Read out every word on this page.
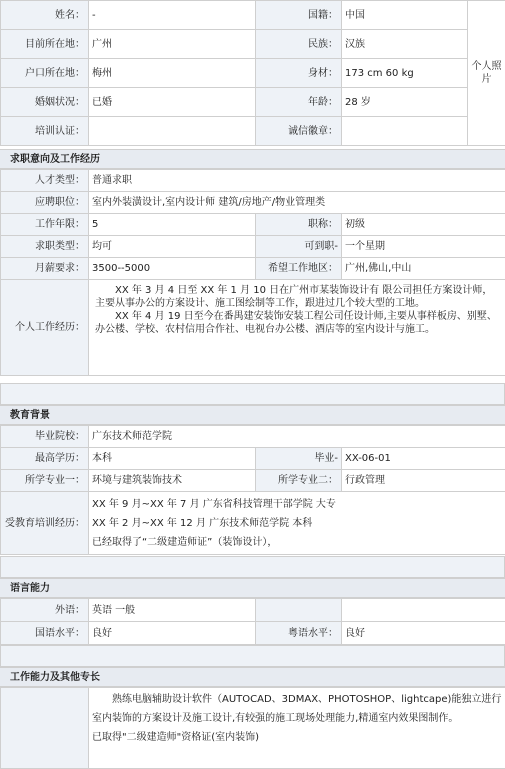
姓名：	-	国籍：	中国	个人照片
目前所在地：	广州	民族：	汉族	
户口所在地：	梅州	身材：	173 cm 60 kg	
婚姻状况：	已婚	年龄：	28 岁	
培训认证：		诚信徽章：		
求职意向及工作经历
人才类型：	普通求职		
应聘职位：	室内外装潢设计,室内设计师 建筑/房地产/物业管理类		
工作年限：	5	职称：	初级
求职类型：	均可	可到职-	一个星期
月薪要求：	3500--5000	希望工作地区：	广州,佛山,中山
个人工作经历：	XX 年 3 月 4 日至 XX 年 1 月 10 日在广州市某装饰设计有 限公司担任方案设计师，主要从事办公的方案设计、施工图绘制等工作，跟进过几个较大型的工地。

XX 年 4 月 19 日至今在番禺建安装饰安装工程公司任设计师,主要从事样板房、别墅、办公楼、学校、农村信用合作社、电视台办公楼、酒店等的室内设计与施工。		

教育背景
毕业院校：	广东技术师范学院		
最高学历：	本科	毕业-	XX-06-01
所学专业一：	环境与建筑装饰技术	所学专业二：	行政管理
受教育培训经历：	XX 年 9 月~XX 年 7 月 广东省科技管理干部学院 大专

XX 年 2 月~XX 年 12 月 广东技术师范学院 本科

已经取得了“二级建造师证”（装饰设计），		

语言能力
外语：	英语 一般		
国语水平：	良好	粤语水平：	良好
工作能力及其他专长

熟练电脑辅助设计软件（AUTOCAD、3DMAX、PHOTOSHOP、lightcape)能独立进行室内装饰的方案设计及施工设计,有较强的施工现场处理能力,精通室内效果图制作。

已取得"二级建造师"资格证(室内装饰)
